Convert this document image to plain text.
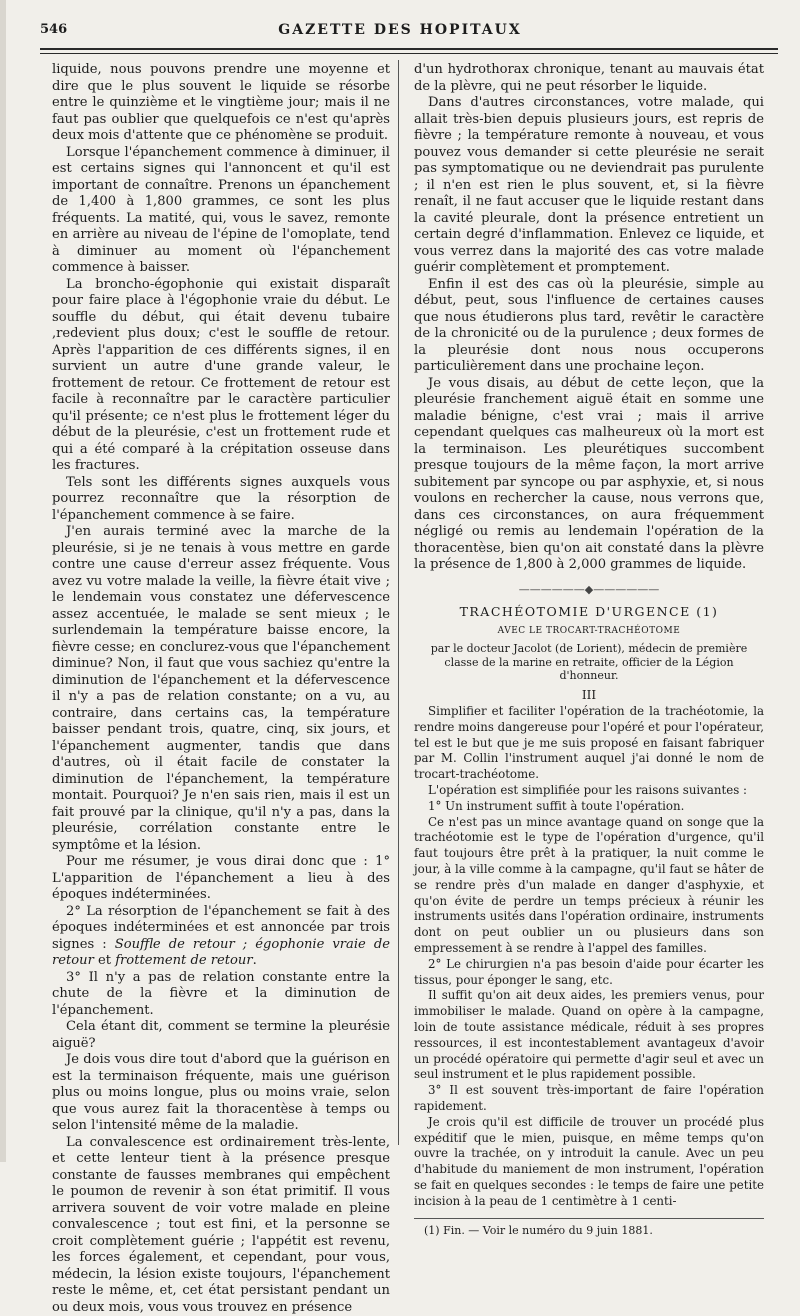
546	GAZETTE DES HOPITAUX

liquide, nous pouvons prendre une moyenne et dire que le plus souvent le liquide se résorbe entre le quinzième et le vingtième jour; mais il ne faut pas oublier que quelquefois ce n'est qu'après deux mois d'attente que ce phénomène se produit.

Lorsque l'épanchement commence à diminuer, il est certains signes qui l'annoncent et qu'il est important de connaître. Prenons un épanchement de 1,400 à 1,800 grammes, ce sont les plus fréquents. La matité, qui, vous le savez, remonte en arrière au niveau de l'épine de l'omoplate, tend à diminuer au moment où l'épanchement commence à baisser.

La broncho-égophonie qui existait disparaît pour faire place à l'égophonie vraie du début. Le souffle du début, qui était devenu tubaire ,redevient plus doux; c'est le souffle de retour. Après l'apparition de ces différents signes, il en survient un autre d'une grande valeur, le frottement de retour. Ce frottement de retour est facile à reconnaître par le caractère particulier qu'il présente; ce n'est plus le frottement léger du début de la pleurésie, c'est un frottement rude et qui a été comparé à la crépitation osseuse dans les fractures.

Tels sont les différents signes auxquels vous pourrez reconnaître que la résorption de l'épanchement commence à se faire.

J'en aurais terminé avec la marche de la pleurésie, si je ne tenais à vous mettre en garde contre une cause d'erreur assez fréquente. Vous avez vu votre malade la veille, la fièvre était vive ; le lendemain vous constatez une défervescence assez accentuée, le malade se sent mieux ; le surlendemain la température baisse encore, la fièvre cesse; en conclurez-vous que l'épanchement diminue? Non, il faut que vous sachiez qu'entre la diminution de l'épanchement et la défervescence il n'y a pas de relation constante; on a vu, au contraire, dans certains cas, la température baisser pendant trois, quatre, cinq, six jours, et l'épanchement augmenter, tandis que dans d'autres, où il était facile de constater la diminution de l'épanchement, la température montait. Pourquoi? Je n'en sais rien, mais il est un fait prouvé par la clinique, qu'il n'y a pas, dans la pleurésie, corrélation constante entre le symptôme et la lésion.

Pour me résumer, je vous dirai donc que : 1° L'apparition de l'épanchement a lieu à des époques indéterminées.

2° La résorption de l'épanchement se fait à des époques indéterminées et est annoncée par trois signes : Souffle de retour ; égophonie vraie de retour et frottement de retour.

3° Il n'y a pas de relation constante entre la chute de la fièvre et la diminution de l'épanchement.

Cela étant dit, comment se termine la pleurésie aiguë?

Je dois vous dire tout d'abord que la guérison en est la terminaison fréquente, mais une guérison plus ou moins longue, plus ou moins vraie, selon que vous aurez fait la thoracentèse à temps ou selon l'intensité même de la maladie.

La convalescence est ordinairement très-lente, et cette lenteur tient à la présence presque constante de fausses membranes qui empêchent le poumon de revenir à son état primitif. Il vous arrivera souvent de voir votre malade en pleine convalescence ; tout est fini, et la personne se croit complètement guérie ; l'appétit est revenu, les forces également, et cependant, pour vous, médecin, la lésion existe toujours, l'épanchement reste le même, et, cet état persistant pendant un ou deux mois, vous vous trouvez en présence

d'un hydrothorax chronique, tenant au mauvais état de la plèvre, qui ne peut résorber le liquide.

Dans d'autres circonstances, votre malade, qui allait très-bien depuis plusieurs jours, est repris de fièvre ; la température remonte à nouveau, et vous pouvez vous demander si cette pleurésie ne serait pas symptomatique ou ne deviendrait pas purulente ; il n'en est rien le plus souvent, et, si la fièvre renaît, il ne faut accuser que le liquide restant dans la cavité pleurale, dont la présence entretient un certain degré d'inflammation. Enlevez ce liquide, et vous verrez dans la majorité des cas votre malade guérir complètement et promptement.

Enfin il est des cas où la pleurésie, simple au début, peut, sous l'influence de certaines causes que nous étudierons plus tard, revêtir le caractère de la chronicité ou de la purulence ; deux formes de la pleurésie dont nous nous occuperons particulièrement dans une prochaine leçon.

Je vous disais, au début de cette leçon, que la pleurésie franchement aiguë était en somme une maladie bénigne, c'est vrai ; mais il arrive cependant quelques cas malheureux où la mort est la terminaison. Les pleurétiques succombent presque toujours de la même façon, la mort arrive subitement par syncope ou par asphyxie, et, si nous voulons en rechercher la cause, nous verrons que, dans ces circonstances, on aura fréquemment négligé ou remis au lendemain l'opération de la thoracentèse, bien qu'on ait constaté dans la plèvre la présence de 1,800 à 2,000 grammes de liquide.

——————◆——————
TRACHÉOTOMIE D'URGENCE (1)
AVEC LE TROCART-TRACHÉOTOME

par le docteur Jacolot (de Lorient), médecin de première classe de la marine en retraite, officier de la Légion d'honneur.

III

Simplifier et faciliter l'opération de la trachéotomie, la rendre moins dangereuse pour l'opéré et pour l'opérateur, tel est le but que je me suis proposé en faisant fabriquer par M. Collin l'instrument auquel j'ai donné le nom de trocart-trachéotome.

L'opération est simplifiée pour les raisons suivantes :

1° Un instrument suffit à toute l'opération.

Ce n'est pas un mince avantage quand on songe que la trachéotomie est le type de l'opération d'urgence, qu'il faut toujours être prêt à la pratiquer, la nuit comme le jour, à la ville comme à la campagne, qu'il faut se hâter de se rendre près d'un malade en danger d'asphyxie, et qu'on évite de perdre un temps précieux à réunir les instruments usités dans l'opération ordinaire, instruments dont on peut oublier un ou plusieurs dans son empressement à se rendre à l'appel des familles.

2° Le chirurgien n'a pas besoin d'aide pour écarter les tissus, pour éponger le sang, etc.

Il suffit qu'on ait deux aides, les premiers venus, pour immobiliser le malade. Quand on opère à la campagne, loin de toute assistance médicale, réduit à ses propres ressources, il est incontestablement avantageux d'avoir un procédé opératoire qui permette d'agir seul et avec un seul instrument et le plus rapidement possible.

3° Il est souvent très-important de faire l'opération rapidement.

Je crois qu'il est difficile de trouver un procédé plus expéditif que le mien, puisque, en même temps qu'on ouvre la trachée, on y introduit la canule. Avec un peu d'habitude du maniement de mon instrument, l'opération se fait en quelques secondes : le temps de faire une petite incision à la peau de 1 centimètre à 1 centi-

(1) Fin. — Voir le numéro du 9 juin 1881.
